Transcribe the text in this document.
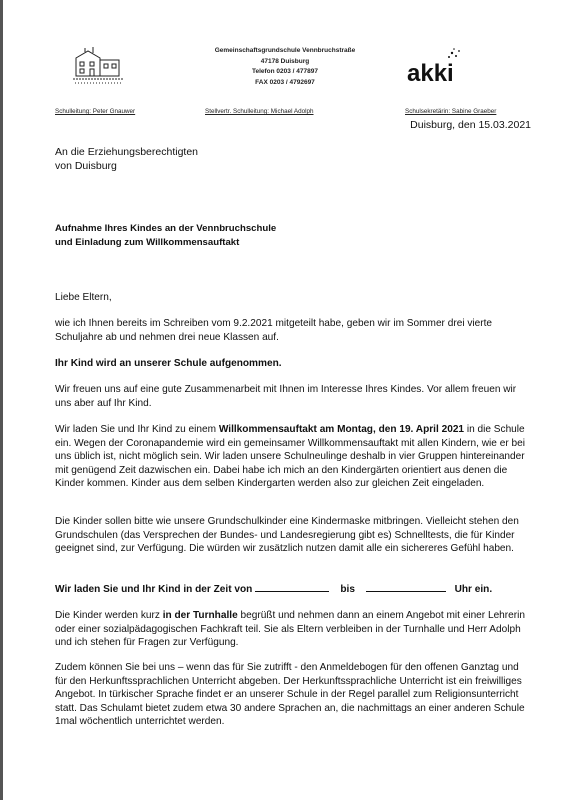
Gemeinschaftsgrundschule Vennbruchstraße
47178 Duisburg
Telefon 0203 / 477897
FAX 0203 / 4792697	akki
Schulleitung: Peter Gnauwer	Stellvertr. Schulleitung: Michael Adolph	Schulsekretärin: Sabine Graeber
Duisburg, den 15.03.2021
An die Erziehungsberechtigten
von Duisburg
Aufnahme Ihres Kindes an der Vennbruchschule
und Einladung zum Willkommensauftakt
Liebe Eltern,
wie ich Ihnen bereits im Schreiben vom 9.2.2021 mitgeteilt habe, geben wir im Sommer drei vierte Schuljahre ab und nehmen drei neue Klassen auf.
Ihr Kind wird an unserer Schule aufgenommen.
Wir freuen uns auf eine gute Zusammenarbeit mit Ihnen im Interesse Ihres Kindes. Vor allem freuen wir uns aber auf Ihr Kind.
Wir laden Sie und Ihr Kind zu einem Willkommensauftakt am Montag, den 19. April 2021 in die Schule ein. Wegen der Coronapandemie wird ein gemeinsamer Willkommensauftakt mit allen Kindern, wie er bei uns üblich ist, nicht möglich sein. Wir laden unsere Schulneulinge deshalb in vier Gruppen hintereinander mit genügend Zeit dazwischen ein. Dabei habe ich mich an den Kindergärten orientiert aus denen die Kinder kommen. Kinder aus dem selben Kindergarten werden also zur gleichen Zeit eingeladen.
Die Kinder sollen bitte wie unsere Grundschulkinder eine Kindermaske mitbringen. Vielleicht stehen den Grundschulen (das Versprechen der Bundes- und Landesregierung gibt es) Schnelltests, die für Kinder geeignet sind, zur Verfügung. Die würden wir zusätzlich nutzen damit alle ein sichereres Gefühl haben.
Wir laden Sie und Ihr Kind in der Zeit von	bis	Uhr ein.
Die Kinder werden kurz in der Turnhalle begrüßt und nehmen dann an einem Angebot mit einer Lehrerin oder einer sozialpädagogischen Fachkraft teil. Sie als Eltern verbleiben in der Turnhalle und Herr Adolph und ich stehen für Fragen zur Verfügung.
Zudem können Sie bei uns – wenn das für Sie zutrifft - den Anmeldebogen für den offenen Ganztag und für den Herkunftssprachlichen Unterricht abgeben. Der Herkunftssprachliche Unterricht ist ein freiwilliges Angebot. In türkischer Sprache findet er an unserer Schule in der Regel parallel zum Religionsunterricht statt. Das Schulamt bietet zudem etwa 30 andere Sprachen an, die nachmittags an einer anderen Schule 1mal wöchentlich unterrichtet werden.
